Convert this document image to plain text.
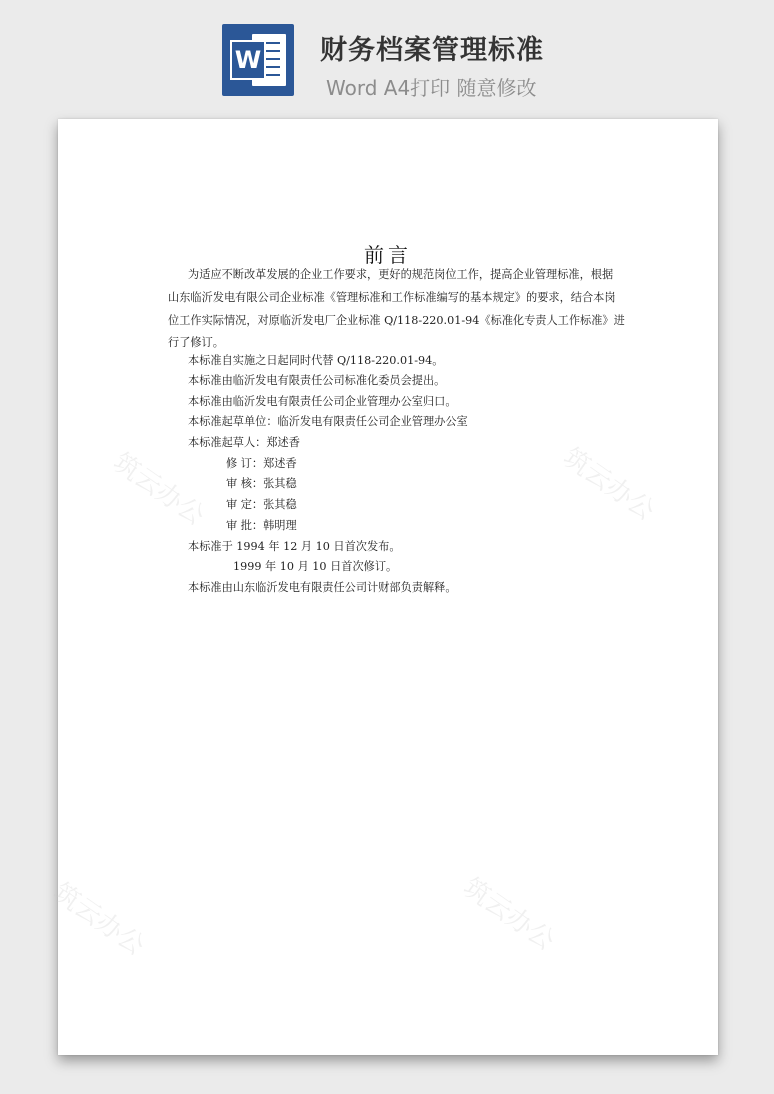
W 财务档案管理标准
Word A4打印 随意修改
筑云办公	筑云办公
筑云办公	筑云办公
前言
为适应不断改革发展的企业工作要求，更好的规范岗位工作，提高企业管理标准，根据
山东临沂发电有限公司企业标准《管理标准和工作标准编写的基本规定》的要求，结合本岗
位工作实际情况，对原临沂发电厂企业标准 Q/118-220.01-94《标准化专责人工作标准》进
行了修订。
本标准自实施之日起同时代替 Q/118-220.01-94。
本标准由临沂发电有限责任公司标准化委员会提出。
本标准由临沂发电有限责任公司企业管理办公室归口。
本标准起草单位：临沂发电有限责任公司企业管理办公室
本标准起草人：郑述香
修 订：郑述香
审 核：张其稳
审 定：张其稳
审 批：韩明理
本标准于 1994 年 12 月 10 日首次发布。
1999 年 10 月 10 日首次修订。
本标准由山东临沂发电有限责任公司计财部负责解释。
